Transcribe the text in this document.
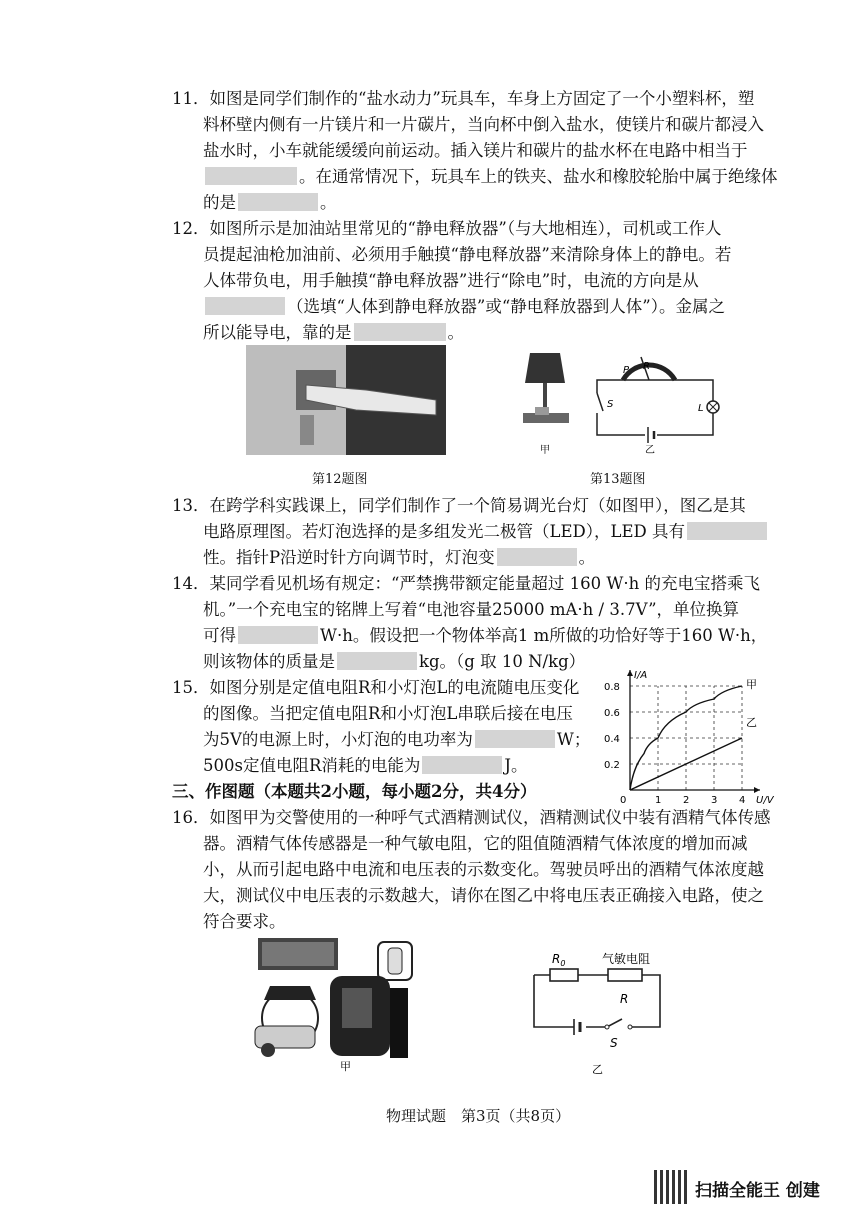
11．如图是同学们制作的“盐水动力”玩具车，车身上方固定了一个小塑料杯，塑
料杯壁内侧有一片镁片和一片碳片，当向杯中倒入盐水，使镁片和碳片都浸入
盐水时，小车就能缓缓向前运动。插入镁片和碳片的盐水杯在电路中相当于
。在通常情况下，玩具车上的铁夹、盐水和橡胶轮胎中属于绝缘体
的是	。
12．如图所示是加油站里常见的“静电释放器”（与大地相连），司机或工作人
员提起油枪加油前、必须用手触摸“静电释放器”来清除身体上的静电。若
人体带负电，用手触摸“静电释放器”进行“除电”时，电流的方向是从
（选填“人体到静电释放器”或“静电释放器到人体”）。金属之
所以能导电，靠的是	。
第12题图
甲
P R
S	L
乙
第13题图
13．在跨学科实践课上，同学们制作了一个简易调光台灯（如图甲），图乙是其
电路原理图。若灯泡选择的是多组发光二极管（LED），LED 具有
性。指针P沿逆时针方向调节时，灯泡变	。
14．某同学看见机场有规定：“严禁携带额定能量超过 160 W·h 的充电宝搭乘飞
机。”一个充电宝的铭牌上写着“电池容量25000 mA·h / 3.7V”，单位换算
可得	W·h。假设把一个物体举高1 m所做的功恰好等于160 W·h，
则该物体的质量是	kg。（g 取 10 N/kg）
15．如图分别是定值电阻R和小灯泡L的电流随电压变化
的图像。当把定值电阻R和小灯泡L串联后接在电压
为5V的电源上时，小灯泡的电功率为	W；
500s定值电阻R消耗的电能为	J。
1 2 3 4
0.2
0.4
0.6
0.8
U/V
I/A
0
甲
乙
三、作图题（本题共2小题，每小题2分，共4分）
16．如图甲为交警使用的一种呼气式酒精测试仪，酒精测试仪中装有酒精气体传感
器。酒精气体传感器是一种气敏电阻，它的阻值随酒精气体浓度的增加而减
小，从而引起电路中电流和电压表的示数变化。驾驶员呼出的酒精气体浓度越
大，测试仪中电压表的示数越大，请你在图乙中将电压表正确接入电路，使之
符合要求。
甲
$R_0$	气敏电阻
R
S
乙
物理试题　第3页（共8页）
扫描全能王 创建
